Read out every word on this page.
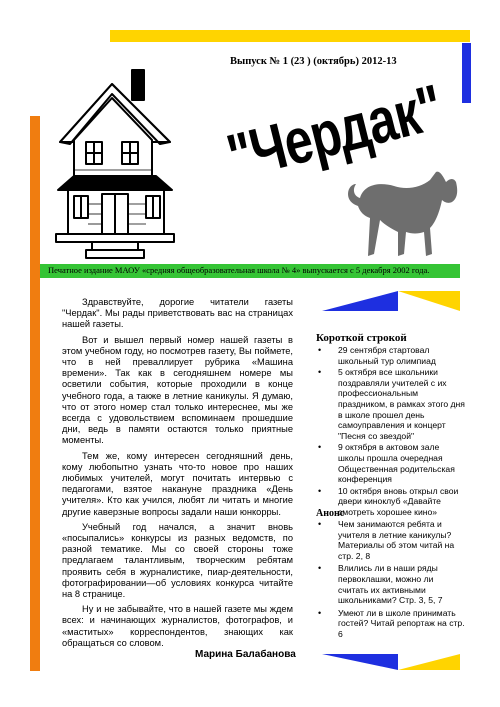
Выпуск № 1 (23 ) (октябрь) 2012-13
"Чердак"
Печатное издание МАОУ «средняя общеобразовательная школа № 4» выпускается с 5 декабря 2002 года.

Здравствуйте, дорогие читатели газеты "Чердак". Мы рады приветствовать вас на страницах нашей газеты.

Вот и вышел первый номер нашей газеты в этом учебном году, но посмотрев газету, Вы поймете, что в ней преваллирует рубрика «Машина времени». Так как в сегодняшнем номере мы осветили события, которые проходили в конце учебного года, а также в летние каникулы. Я думаю, что от этого номер стал только интереснее, мы же всегда с удовольствием вспоминаем прошедшие дни, ведь в памяти остаются только приятные моменты.

Тем же, кому интересен сегодняшний день, кому любопытно узнать что-то новое про наших любимых учителей, могут почитать интервью с педагогами, взятое накануне праздника «День учителя». Кто как учился, любят ли читать и многие другие каверзные вопросы задали наши юнкорры.

Учебный год начался, а значит вновь «посыпались» конкурсы из разных ведомств, по разной тематике. Мы со своей стороны тоже предлагаем талантливым, творческим ребятам проявить себя в журналистике, пиар-деятельности, фотографировании—об условиях конкурса читайте на 8 странице.

Ну и не забывайте, что в нашей газете мы ждем всех: и начинающих журналистов, фотографов, и «маститых» корреспондентов, знающих как обращаться со словом.

Марина Балабанова
Короткой строкой
• 29 сентября стартовал школьный тур олимпиад
• 5 октября все школьники поздравляли учителей с их профессиональным праздником, в рамках этого дня в школе прошел день самоуправления и концерт "Песня со звездой"
• 9 октября в актовом зале школы прошла очередная Общественная родительская конференция
• 10 октября вновь открыл свои двери киноклуб «Давайте смотреть хорошее кино»
Анонс
• Чем занимаются ребята и учителя в летние каникулы? Материалы об этом читай на стр. 2, 8
• Влились ли в наши ряды первоклашки, можно ли считать их активными школьниками? Стр. 3, 5, 7
• Умеют ли в школе принимать гостей? Читай репортаж на стр. 6
